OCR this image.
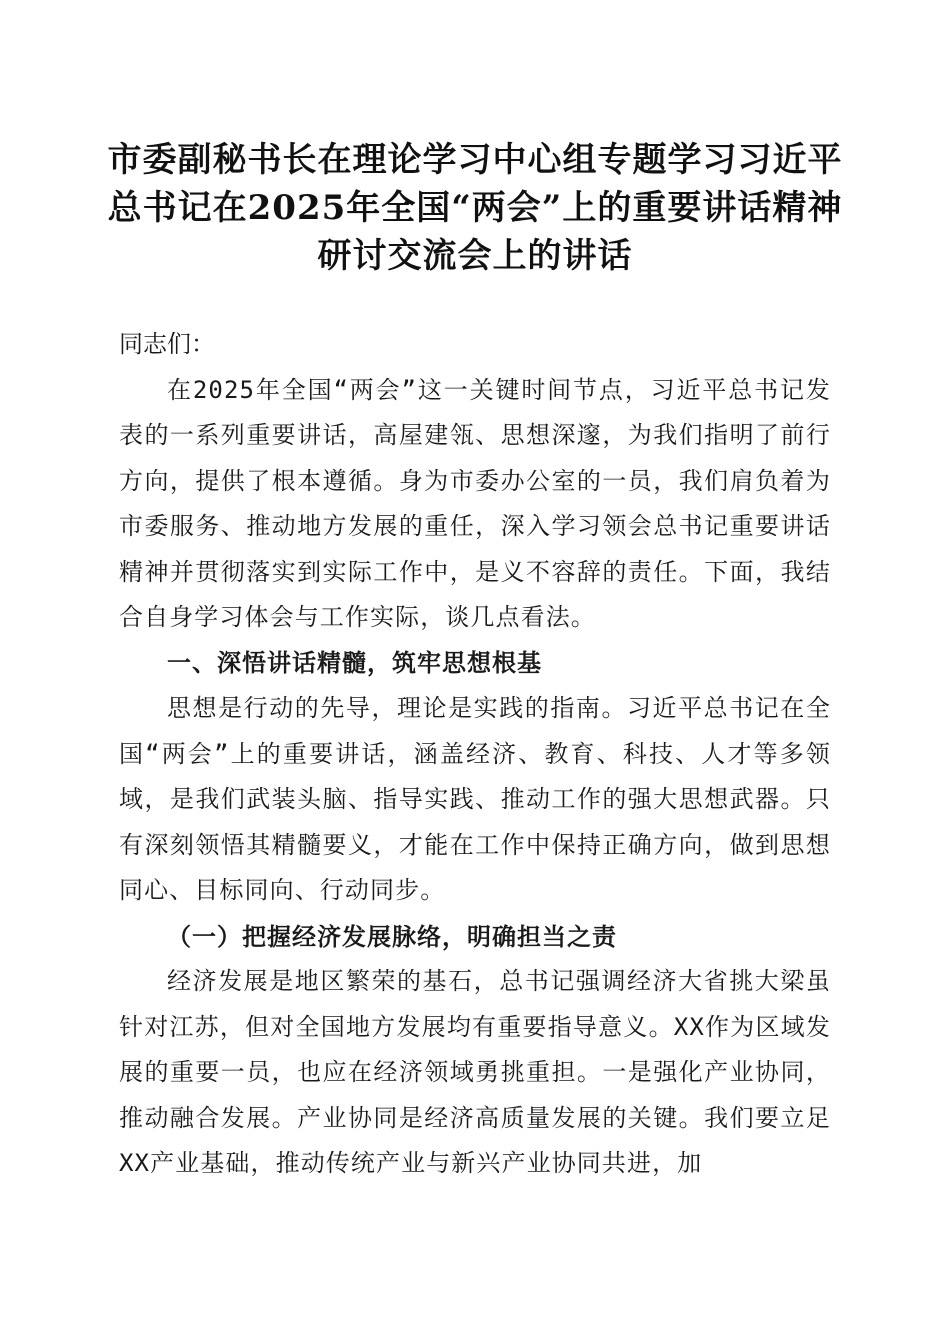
市委副秘书长在理论学习中心组专题学习习近平总书记在2025年全国“两会”上的重要讲话精神研讨交流会上的讲话

同志们：

在2025年全国“两会”这一关键时间节点，习近平总书记发表的一系列重要讲话，高屋建瓴、思想深邃，为我们指明了前行方向，提供了根本遵循。身为市委办公室的一员，我们肩负着为市委服务、推动地方发展的重任，深入学习领会总书记重要讲话精神并贯彻落实到实际工作中，是义不容辞的责任。下面，我结合自身学习体会与工作实际，谈几点看法。

一、深悟讲话精髓，筑牢思想根基

思想是行动的先导，理论是实践的指南。习近平总书记在全国“两会”上的重要讲话，涵盖经济、教育、科技、人才等多领域，是我们武装头脑、指导实践、推动工作的强大思想武器。只有深刻领悟其精髓要义，才能在工作中保持正确方向，做到思想同心、目标同向、行动同步。

（一）把握经济发展脉络，明确担当之责

经济发展是地区繁荣的基石，总书记强调经济大省挑大梁虽针对江苏，但对全国地方发展均有重要指导意义。XX作为区域发展的重要一员，也应在经济领域勇挑重担。一是强化产业协同，推动融合发展。产业协同是经济高质量发展的关键。我们要立足XX产业基础，推动传统产业与新兴产业协同共进，加
